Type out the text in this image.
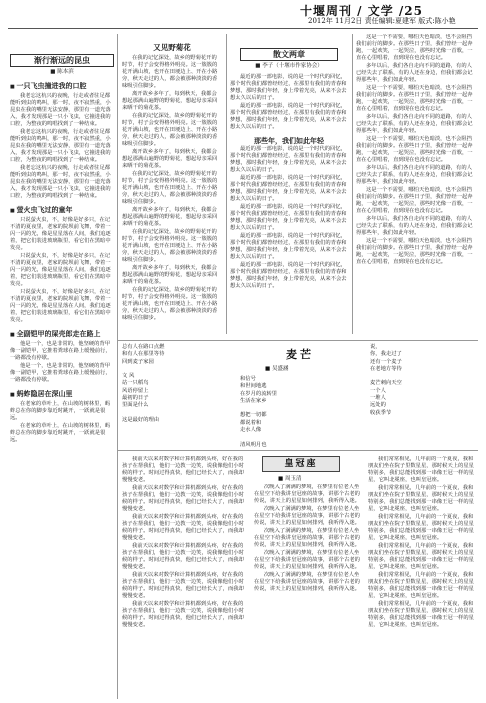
十堰周刊 / 文学 /25
2012年 11月2日 责任编辑:夏建军 版式:陈小艳
渐行渐远的昆虫
■ 陈本滨
■ 一只飞虫撞进我的口腔

我老忘这杭兴的夜晚，行走或者驻足都能听到虫的鸣叫，那一时，夜不寂然重，小昆虫在我的嘴里无法安静，那里有一道光落入，我才发现那是一只小飞虫，它撞进我的口腔，为整夜的鸣唱找到了一种结束。

我老忘这杭兴的夜晚，行走或者驻足都能听到虫的鸣叫，那一时，夜不寂然重，小昆虫在我的嘴里无法安静，那里有一道光落入，我才发现那是一只小飞虫，它撞进我的口腔，为整夜的鸣唱找到了一种结束。

我老忘这杭兴的夜晚，行走或者驻足都能听到虫的鸣叫，那一时，夜不寂然重，小昆虫在我的嘴里无法安静，那里有一道光落入，我才发现那是一只小飞虫，它撞进我的口腔，为整夜的鸣唱找到了一种结束。

■ 萤火虫飞过的童年

只说萤火虫，不，好像是好多只，在记不清的夏夜里，老家的院坝前飞舞，带着一闪一闪的光，像是星星落在人间，我们追逐着，把它们装进玻璃瓶里，看它们在黑暗中发亮。

只说萤火虫，不，好像是好多只，在记不清的夏夜里，老家的院坝前飞舞，带着一闪一闪的光，像是星星落在人间，我们追逐着，把它们装进玻璃瓶里，看它们在黑暗中发亮。

只说萤火虫，不，好像是好多只，在记不清的夏夜里，老家的院坝前飞舞，带着一闪一闪的光，像是星星落在人间，我们追逐着，把它们装进玻璃瓶里，看它们在黑暗中发亮。

■ 全副铠甲的屎壳郎走在路上

他是一个，也是非常的，他坚硬的背甲像一副铠甲，它推着粪球在路上缓慢前行，一路都没有停歇。

他是一个，也是非常的，他坚硬的背甲像一副铠甲，它推着粪球在路上缓慢前行，一路都没有停歇。

■ 蚂蚱隐居在深山里

在老家的草叶上，在山坡的树林里，蚂蚱总在你的脚步靠近时跳开，一跃就是很远。

在老家的草叶上，在山坡的树林里，蚂蚱总在你的脚步靠近时跳开，一跃就是很远。

又见野菊花

在我的记忆深处，故乡的野菊花开的时节，村子会变得格外明亮。这一簇簇的花开满山坡，也开在田埂边上、开在小路旁，秋天走过的人，都会被那种淡淡的香味吸引住脚步。

离开故乡多年了，每到秋天，我都会想起那满山遍野的野菊花，想起母亲采回来晒干的菊花茶。

在我的记忆深处，故乡的野菊花开的时节，村子会变得格外明亮。这一簇簇的花开满山坡，也开在田埂边上、开在小路旁，秋天走过的人，都会被那种淡淡的香味吸引住脚步。

离开故乡多年了，每到秋天，我都会想起那满山遍野的野菊花，想起母亲采回来晒干的菊花茶。

在我的记忆深处，故乡的野菊花开的时节，村子会变得格外明亮。这一簇簇的花开满山坡，也开在田埂边上、开在小路旁，秋天走过的人，都会被那种淡淡的香味吸引住脚步。

离开故乡多年了，每到秋天，我都会想起那满山遍野的野菊花，想起母亲采回来晒干的菊花茶。

在我的记忆深处，故乡的野菊花开的时节，村子会变得格外明亮。这一簇簇的花开满山坡，也开在田埂边上、开在小路旁，秋天走过的人，都会被那种淡淡的香味吸引住脚步。

离开故乡多年了，每到秋天，我都会想起那满山遍野的野菊花，想起母亲采回来晒干的菊花茶。

在我的记忆深处，故乡的野菊花开的时节，村子会变得格外明亮。这一簇簇的花开满山坡，也开在田埂边上、开在小路旁，秋天走过的人，都会被那种淡淡的香味吸引住脚步。

散文两章
■ 李子（十堰市作家协会）

最近的那一部电影，说的是一个时代的回忆，那个时代我们都曾经经过，在那里有我们的青春和梦想，那时我们年轻，身上带着光亮，从来不会去想太久以后的日子。

最近的那一部电影，说的是一个时代的回忆，那个时代我们都曾经经过，在那里有我们的青春和梦想，那时我们年轻，身上带着光亮，从来不会去想太久以后的日子。

那些年，我们如此年轻

最近的那一部电影，说的是一个时代的回忆，那个时代我们都曾经经过，在那里有我们的青春和梦想，那时我们年轻，身上带着光亮，从来不会去想太久以后的日子。

最近的那一部电影，说的是一个时代的回忆，那个时代我们都曾经经过，在那里有我们的青春和梦想，那时我们年轻，身上带着光亮，从来不会去想太久以后的日子。

最近的那一部电影，说的是一个时代的回忆，那个时代我们都曾经经过，在那里有我们的青春和梦想，那时我们年轻，身上带着光亮，从来不会去想太久以后的日子。

最近的那一部电影，说的是一个时代的回忆，那个时代我们都曾经经过，在那里有我们的青春和梦想，那时我们年轻，身上带着光亮，从来不会去想太久以后的日子。

最近的那一部电影，说的是一个时代的回忆，那个时代我们都曾经经过，在那里有我们的青春和梦想，那时我们年轻，身上带着光亮，从来不会去想太久以后的日子。

这是一个不需要，哪怕天色暗淡，也不会阻挡我们前行的脚步。在那些日子里，我们曾经一起奔跑，一起欢笑，一起哭泣，那些时光像一首歌，一直在心里唱着，直到现在也没有忘记。

多年以后，我们各自走向不同的道路，有的人已经失去了联系，有的人还在身边，但我们都会记得那些年，我们如此年轻。

这是一个不需要，哪怕天色暗淡，也不会阻挡我们前行的脚步。在那些日子里，我们曾经一起奔跑，一起欢笑，一起哭泣，那些时光像一首歌，一直在心里唱着，直到现在也没有忘记。

多年以后，我们各自走向不同的道路，有的人已经失去了联系，有的人还在身边，但我们都会记得那些年，我们如此年轻。

这是一个不需要，哪怕天色暗淡，也不会阻挡我们前行的脚步。在那些日子里，我们曾经一起奔跑，一起欢笑，一起哭泣，那些时光像一首歌，一直在心里唱着，直到现在也没有忘记。

多年以后，我们各自走向不同的道路，有的人已经失去了联系，有的人还在身边，但我们都会记得那些年，我们如此年轻。

这是一个不需要，哪怕天色暗淡，也不会阻挡我们前行的脚步。在那些日子里，我们曾经一起奔跑，一起欢笑，一起哭泣，那些时光像一首歌，一直在心里唱着，直到现在也没有忘记。

多年以后，我们各自走向不同的道路，有的人已经失去了联系，有的人还在身边，但我们都会记得那些年，我们如此年轻。

这是一个不需要，哪怕天色暗淡，也不会阻挡我们前行的脚步。在那些日子里，我们曾经一起奔跑，一起欢笑，一起哭泣，那些时光像一首歌，一直在心里唱着，直到现在也没有忘记。

麦芒
■ 吴盛涵
总有人在路口点燃
和有人在那里等待
回到麦子家园

文 风
站一只稻鸟
风语停留上
最初的日子
里面是什么

这是最好的理由
和信号
和世间地逃
在岁月的流转里
生活在家乡

想把一切都
都说着和
走水人像

清风明月也
说，
你，我走过了
还有一个麦子
在老地方等待

麦芒刺向天空
一个人
一堆人
远处的
收获季节
皇冠座
■ 周玉清

我前天以来对数学和计算机都到头疼，好在我的孩子在帮我们，他们一边教一边笑，说我像他们小时候的样子。时间过得真快，他们已经长大了，而我却慢慢变老。

我前天以来对数学和计算机都到头疼，好在我的孩子在帮我们，他们一边教一边笑，说我像他们小时候的样子。时间过得真快，他们已经长大了，而我却慢慢变老。

我前天以来对数学和计算机都到头疼，好在我的孩子在帮我们，他们一边教一边笑，说我像他们小时候的样子。时间过得真快，他们已经长大了，而我却慢慢变老。

我前天以来对数学和计算机都到头疼，好在我的孩子在帮我们，他们一边教一边笑，说我像他们小时候的样子。时间过得真快，他们已经长大了，而我却慢慢变老。

我前天以来对数学和计算机都到头疼，好在我的孩子在帮我们，他们一边教一边笑，说我像他们小时候的样子。时间过得真快，他们已经长大了，而我却慢慢变老。

我前天以来对数学和计算机都到头疼，好在我的孩子在帮我们，他们一边教一边笑，说我像他们小时候的样子。时间过得真快，他们已经长大了，而我却慢慢变老。

次晚入了满满的梦境，在梦里有位老人坐在星空下给我讲皇冠座的故事，讲那个古老的传说，讲天上的星星如何排列，我听得入迷。

次晚入了满满的梦境，在梦里有位老人坐在星空下给我讲皇冠座的故事，讲那个古老的传说，讲天上的星星如何排列，我听得入迷。

次晚入了满满的梦境，在梦里有位老人坐在星空下给我讲皇冠座的故事，讲那个古老的传说，讲天上的星星如何排列，我听得入迷。

次晚入了满满的梦境，在梦里有位老人坐在星空下给我讲皇冠座的故事，讲那个古老的传说，讲天上的星星如何排列，我听得入迷。

次晚入了满满的梦境，在梦里有位老人坐在星空下给我讲皇冠座的故事，讲那个古老的传说，讲天上的星星如何排列，我听得入迷。

我们常常相见，几年前的一个夏夜，我和朋友们坐在院子里数星星，那时候天上的星星特别多，我们总能找到那一串像王冠一样的星星，它叫北冕座，也叫皇冠座。

我们常常相见，几年前的一个夏夜，我和朋友们坐在院子里数星星，那时候天上的星星特别多，我们总能找到那一串像王冠一样的星星，它叫北冕座，也叫皇冠座。

我们常常相见，几年前的一个夏夜，我和朋友们坐在院子里数星星，那时候天上的星星特别多，我们总能找到那一串像王冠一样的星星，它叫北冕座，也叫皇冠座。

我们常常相见，几年前的一个夏夜，我和朋友们坐在院子里数星星，那时候天上的星星特别多，我们总能找到那一串像王冠一样的星星，它叫北冕座，也叫皇冠座。

我们常常相见，几年前的一个夏夜，我和朋友们坐在院子里数星星，那时候天上的星星特别多，我们总能找到那一串像王冠一样的星星，它叫北冕座，也叫皇冠座。

我们常常相见，几年前的一个夏夜，我和朋友们坐在院子里数星星，那时候天上的星星特别多，我们总能找到那一串像王冠一样的星星，它叫北冕座，也叫皇冠座。
